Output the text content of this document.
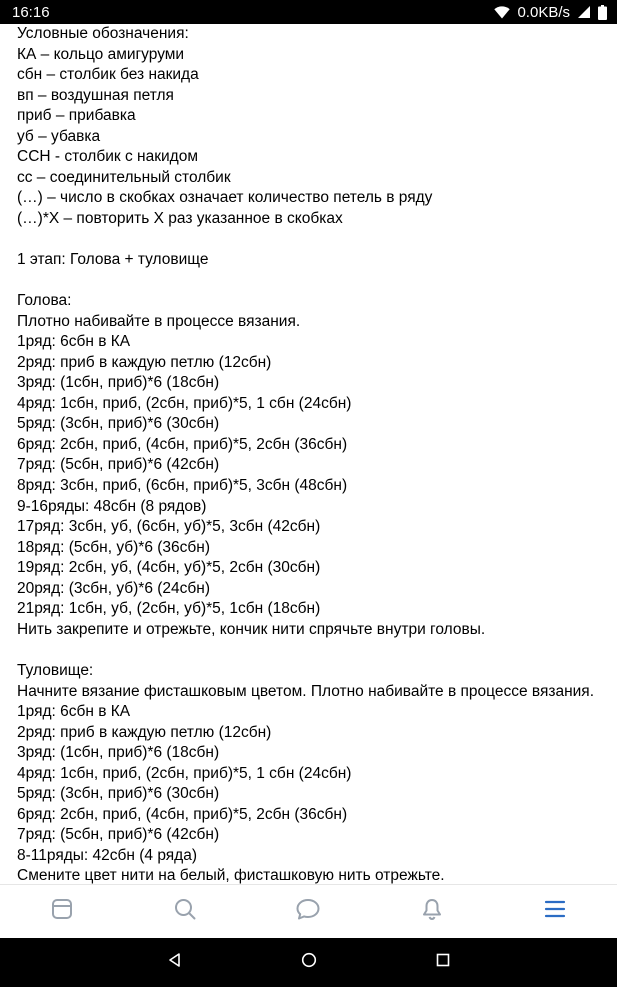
16:16	0.0KB/s
Условные обозначения:
КА – кольцо амигуруми
сбн – столбик без накида
вп – воздушная петля
приб – прибавка
уб – убавка
ССН - столбик с накидом
сс – соединительный столбик
(…) – число в скобках означает количество петель в ряду
(…)*Х – повторить Х раз указанное в скобках
1 этап: Голова + туловище
Голова:
Плотно набивайте в процессе вязания.
1ряд: 6сбн в КА
2ряд: приб в каждую петлю (12сбн)
3ряд: (1сбн, приб)*6 (18сбн)
4ряд: 1сбн, приб, (2сбн, приб)*5, 1 сбн (24сбн)
5ряд: (3сбн, приб)*6 (30сбн)
6ряд: 2сбн, приб, (4сбн, приб)*5, 2сбн (36сбн)
7ряд: (5сбн, приб)*6 (42сбн)
8ряд: 3сбн, приб, (6сбн, приб)*5, 3сбн (48сбн)
9-16ряды: 48сбн (8 рядов)
17ряд: 3сбн, уб, (6сбн, уб)*5, 3сбн (42сбн)
18ряд: (5сбн, уб)*6 (36сбн)
19ряд: 2сбн, уб, (4сбн, уб)*5, 2сбн (30сбн)
20ряд: (3сбн, уб)*6 (24сбн)
21ряд: 1сбн, уб, (2сбн, уб)*5, 1сбн (18сбн)
Нить закрепите и отрежьте, кончик нити спрячьте внутри головы.
Туловище:
Начните вязание фисташковым цветом. Плотно набивайте в процессе вязания.
1ряд: 6сбн в КА
2ряд: приб в каждую петлю (12сбн)
3ряд: (1сбн, приб)*6 (18сбн)
4ряд: 1сбн, приб, (2сбн, приб)*5, 1 сбн (24сбн)
5ряд: (3сбн, приб)*6 (30сбн)
6ряд: 2сбн, приб, (4сбн, приб)*5, 2сбн (36сбн)
7ряд: (5сбн, приб)*6 (42сбн)
8-11ряды: 42сбн (4 ряда)
Смените цвет нити на белый, фисташковую нить отрежьте.
